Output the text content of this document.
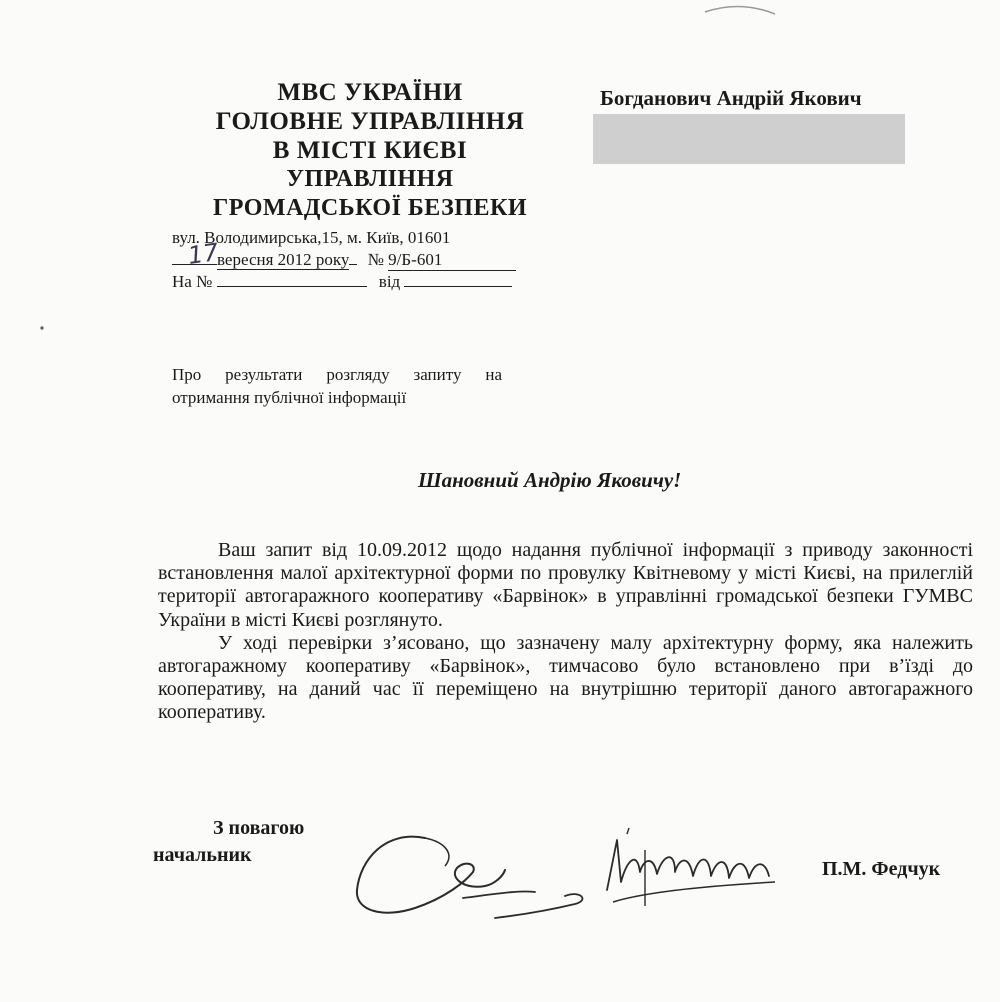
МВС УКРАЇНИ
ГОЛОВНЕ УПРАВЛІННЯ
В МІСТІ КИЄВІ
УПРАВЛІННЯ
ГРОМАДСЬКОЇ БЕЗПЕКИ
вул. Володимирська,15, м. Київ, 01601
17
вересня 2012 року № 9/Б-601
На №	від
Богданович Андрій Якович
Про результати розгляду запиту на отримання публічної інформації
Шановний Андрію Яковичу!

Ваш запит від 10.09.2012 щодо надання публічної інформації з приводу законності встановлення малої архітектурної форми по провулку Квітневому у місті Києві, на прилеглій території автогаражного кооперативу «Барвінок» в управлінні громадської безпеки ГУМВС України в місті Києві розглянуто.

У ході перевірки з’ясовано, що зазначену малу архітектурну форму, яка належить автогаражному кооперативу «Барвінок», тимчасово було встановлено при в’їзді до кооперативу, на даний час її переміщено на внутрішню території даного автогаражного кооперативу.

З повагою
начальник
П.М. Федчук
